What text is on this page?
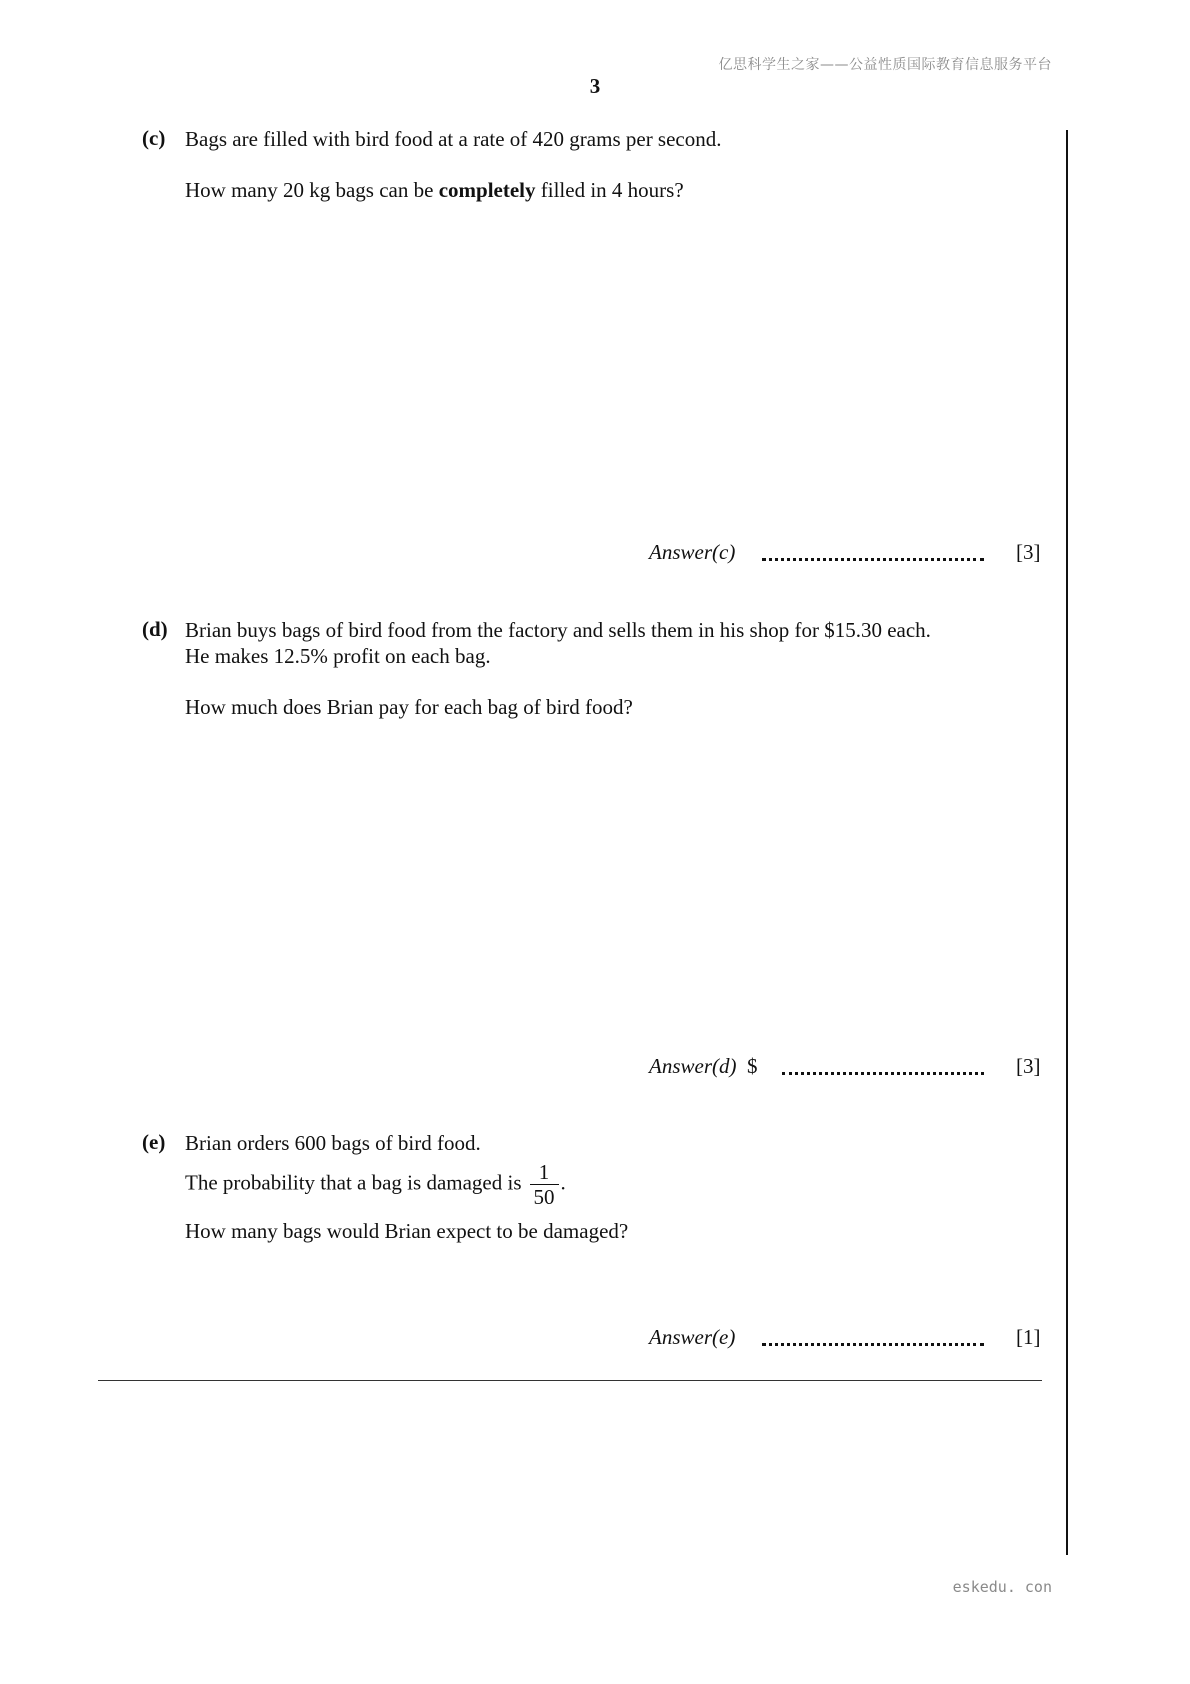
亿思科学生之家——公益性质国际教育信息服务平台
3
(c) Bags are filled with bird food at a rate of 420 grams per second.
How many 20 kg bags can be completely filled in 4 hours?
Answer(c)	[3]
(d) Brian buys bags of bird food from the factory and sells them in his shop for $15.30 each.
He makes 12.5% profit on each bag.
How much does Brian pay for each bag of bird food?
Answer(d) $	[3]
(e) Brian orders 600 bags of bird food.
The probability that a bag is damaged is $\frac{1}{50}$ .
How many bags would Brian expect to be damaged?
Answer(e)	[1]
eskedu. con
